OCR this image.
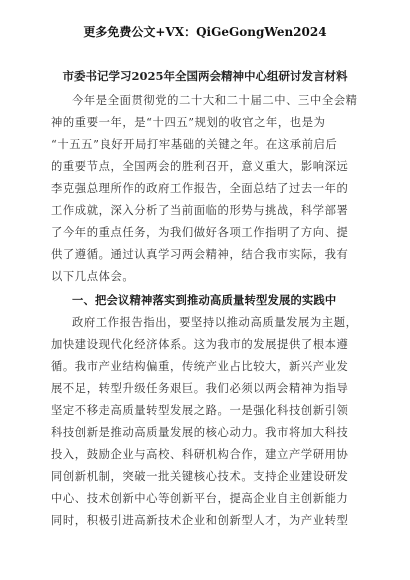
更多免费公文+VX：QiGeGongWen2024
市委书记学习2025年全国两会精神中心组研讨发言材料
今年是全面贯彻党的二十大和二十届二中、三中全会精
神的重要一年，是“十四五”规划的收官之年，也是为
“十五五”良好开局打牢基础的关键之年。在这承前启后
的重要节点，全国两会的胜利召开，意义重大，影响深远
李克强总理所作的政府工作报告，全面总结了过去一年的
工作成就，深入分析了当前面临的形势与挑战，科学部署
了今年的重点任务，为我们做好各项工作指明了方向、提
供了遵循。通过认真学习两会精神，结合我市实际，我有
以下几点体会。
一、把会议精神落实到推动高质量转型发展的实践中
政府工作报告指出，要坚持以推动高质量发展为主题，
加快建设现代化经济体系。这为我市的发展提供了根本遵
循。我市产业结构偏重，传统产业占比较大，新兴产业发
展不足，转型升级任务艰巨。我们必须以两会精神为指导
坚定不移走高质量转型发展之路。一是强化科技创新引领
科技创新是推动高质量发展的核心动力。我市将加大科技
投入，鼓励企业与高校、科研机构合作，建立产学研用协
同创新机制，突破一批关键核心技术。支持企业建设研发
中心、技术创新中心等创新平台，提高企业自主创新能力
同时，积极引进高新技术企业和创新型人才，为产业转型
